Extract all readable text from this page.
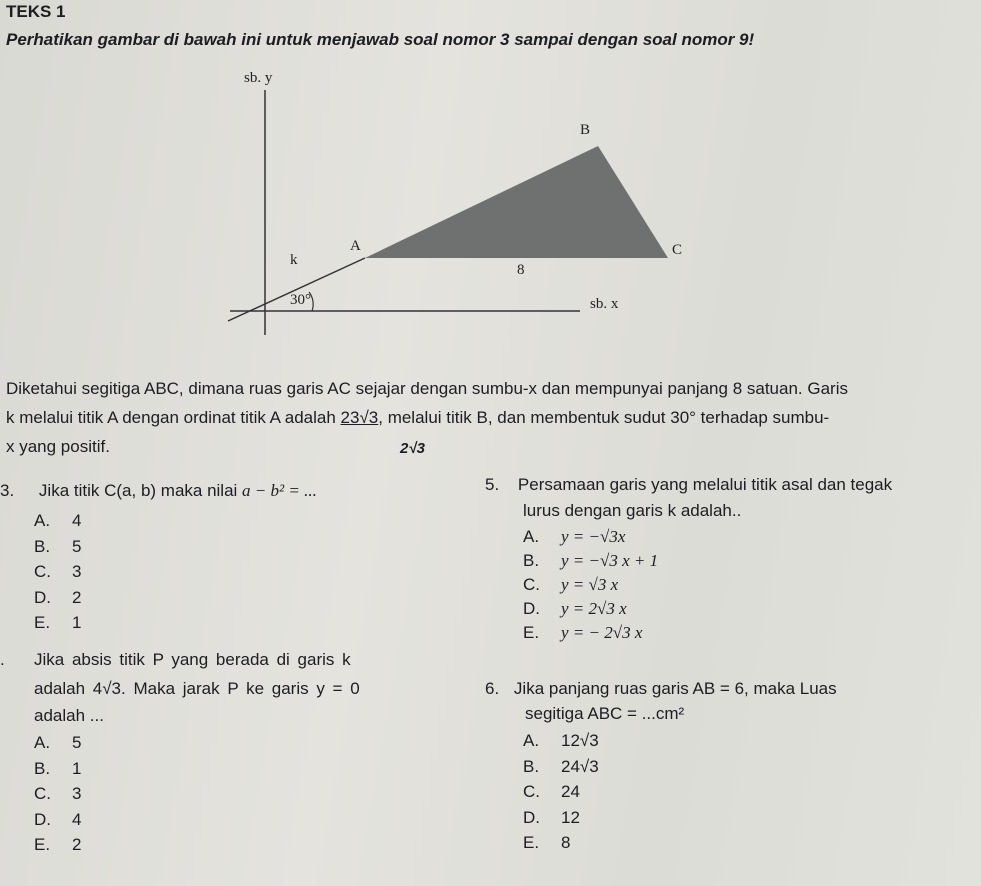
TEKS 1
Perhatikan gambar di bawah ini untuk menjawab soal nomor 3 sampai dengan soal nomor 9!
sb. y
B
A	C
k
8
30°	sb. x
Diketahui segitiga ABC, dimana ruas garis AC sejajar dengan sumbu-x dan mempunyai panjang 8 satuan. Garis
k melalui titik A dengan ordinat titik A adalah 23√3, melalui titik B, dan membentuk sudut 30° terhadap sumbu-
x yang positif.	2√3
3. Jika titik C(a, b) maka nilai a − b² = ...
A. 4
B. 5
C. 3
D. 2
E. 1
. Jika absis titik P yang berada di garis k
adalah 4√3. Maka jarak P ke garis y = 0
adalah ...
A. 5
B. 1
C. 3
D. 4
E. 2
5. Persamaan garis yang melalui titik asal dan tegak
lurus dengan garis k adalah..
A. y = −√3x
B. y = −√3 x + 1
C. y = √3 x
D. y = 2√3 x
E. y = − 2√3 x
6. Jika panjang ruas garis AB = 6, maka Luas
segitiga ABC = ...cm²
A. 12√3
B. 24√3
C. 24
D. 12
E. 8
